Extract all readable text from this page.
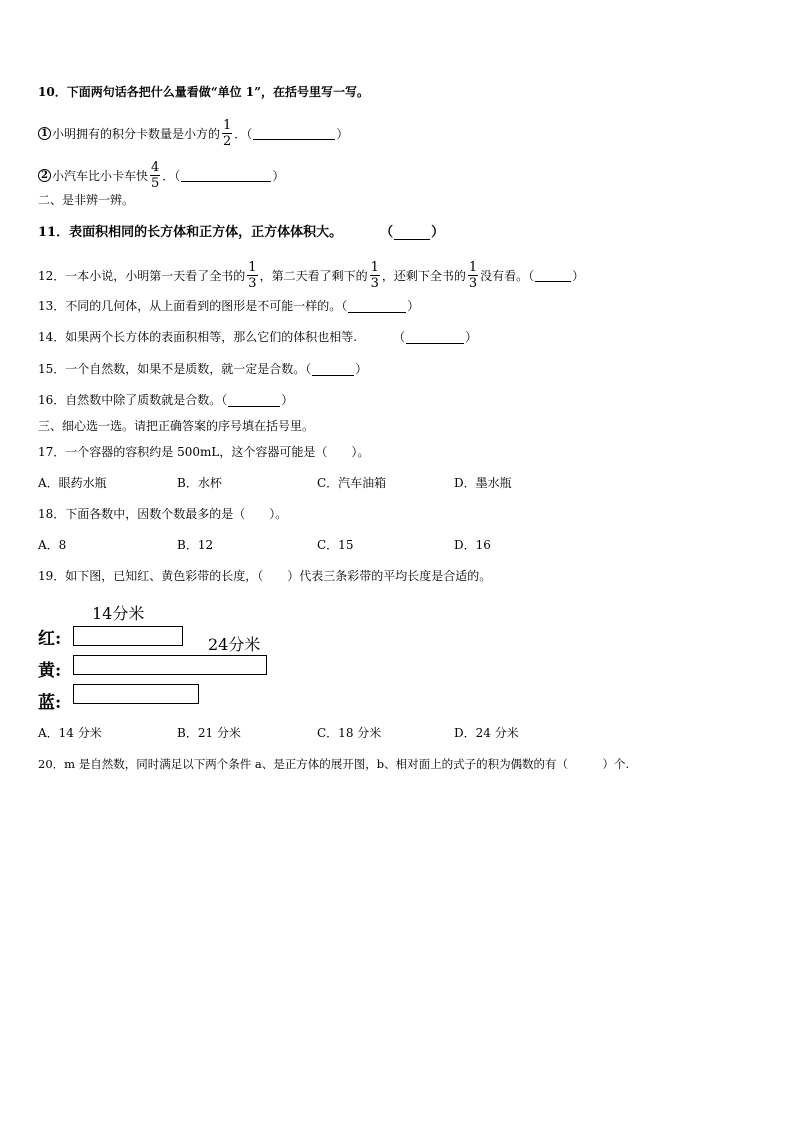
10．下面两句话各把什么量看做“单位 1”，在括号里写一写。
1 小明拥有的积分卡数量是小方的 $\frac{1}{2}$ ．（	）
2 小汽车比小卡车快 $\frac{4}{5}$ ．（	）
二、是非辨一辨。
11．表面积相同的长方体和正方体，正方体体积大。	（	）
12．一本小说，小明第一天看了全书的 $\frac{1}{3}$ ，第二天看了剩下的 $\frac{1}{3}$ ，还剩下全书的 $\frac{1}{3}$ 没有看。（	）
13．不同的几何体，从上面看到的图形是不可能一样的。（	）
14．如果两个长方体的表面积相等，那么它们的体积也相等.	（	）
15．一个自然数，如果不是质数，就一定是合数。（	）
16．自然数中除了质数就是合数。（	）
三、细心选一选。请把正确答案的序号填在括号里。
17．一个容器的容积约是 500mL，这个容器可能是（　　）。
A．眼药水瓶	B．水杯	C．汽车油箱	D．墨水瓶
18．下面各数中，因数个数最多的是（　　）。
A．8	B．12	C．15	D．16
19．如下图，已知红、黄色彩带的长度，（　　）代表三条彩带的平均长度是合适的。
14分米
红:	24分米
黄:
蓝:
A．14 分米	B．21 分米	C．18 分米	D．24 分米
20．m 是自然数，同时满足以下两个条件 a、是正方体的展开图，b、相对面上的式子的积为偶数的有（　　　）个.
